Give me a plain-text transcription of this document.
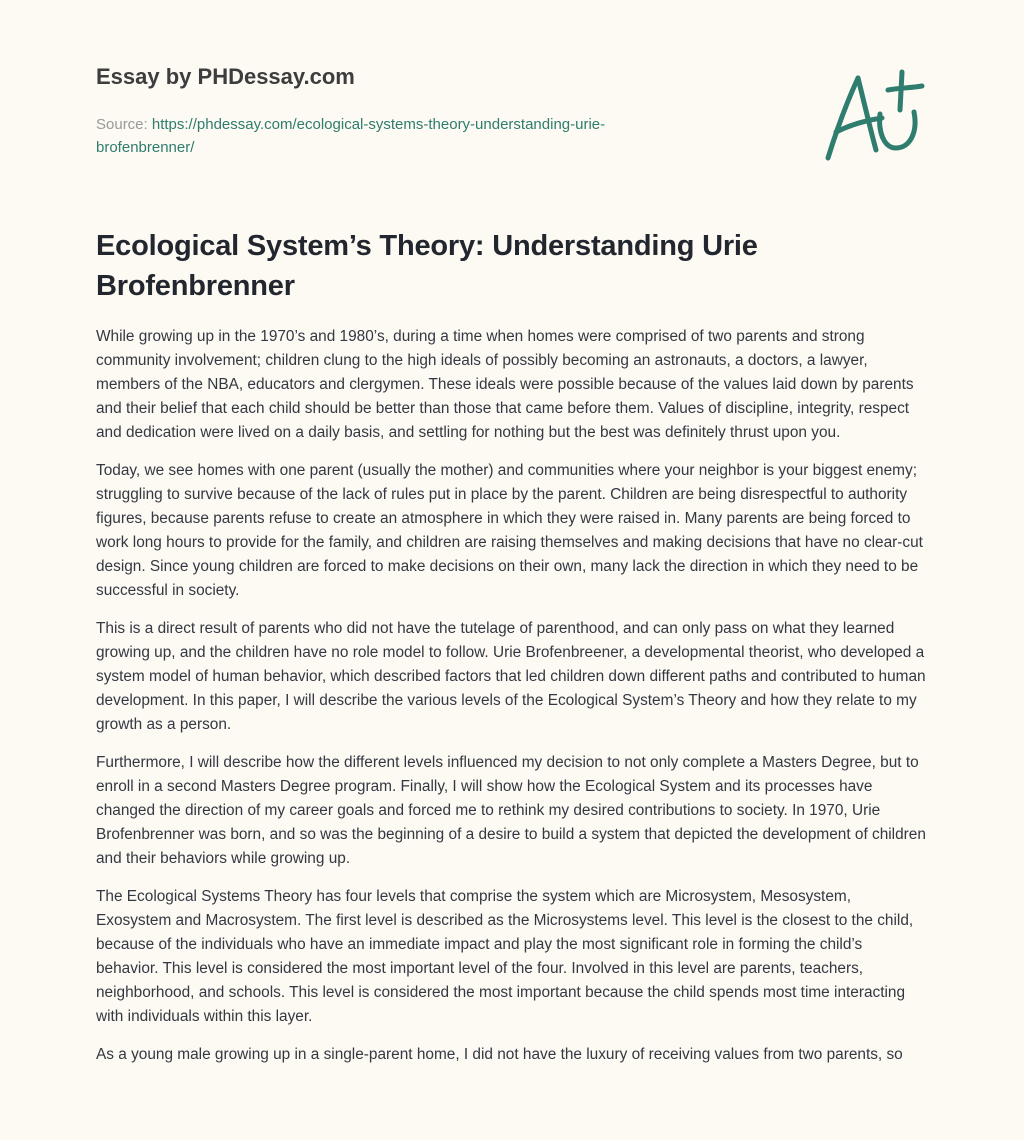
Essay by PHDessay.com
Source: https://phdessay.com/ecological-systems-theory-understanding-urie-brofenbrenner/
Ecological System’s Theory: Understanding Urie Brofenbrenner

While growing up in the 1970’s and 1980’s, during a time when homes were comprised of two parents and strong community involvement; children clung to the high ideals of possibly becoming an astronauts, a doctors, a lawyer, members of the NBA, educators and clergymen. These ideals were possible because of the values laid down by parents and their belief that each child should be better than those that came before them. Values of discipline, integrity, respect and dedication were lived on a daily basis, and settling for nothing but the best was definitely thrust upon you.

Today, we see homes with one parent (usually the mother) and communities where your neighbor is your biggest enemy; struggling to survive because of the lack of rules put in place by the parent. Children are being disrespectful to authority figures, because parents refuse to create an atmosphere in which they were raised in. Many parents are being forced to work long hours to provide for the family, and children are raising themselves and making decisions that have no clear-cut design. Since young children are forced to make decisions on their own, many lack the direction in which they need to be successful in society.

This is a direct result of parents who did not have the tutelage of parenthood, and can only pass on what they learned growing up, and the children have no role model to follow. Urie Brofenbreener, a developmental theorist, who developed a system model of human behavior, which described factors that led children down different paths and contributed to human development. In this paper, I will describe the various levels of the Ecological System’s Theory and how they relate to my growth as a person.

Furthermore, I will describe how the different levels influenced my decision to not only complete a Masters Degree, but to enroll in a second Masters Degree program. Finally, I will show how the Ecological System and its processes have changed the direction of my career goals and forced me to rethink my desired contributions to society. In 1970, Urie Brofenbrenner was born, and so was the beginning of a desire to build a system that depicted the development of children and their behaviors while growing up.

The Ecological Systems Theory has four levels that comprise the system which are Microsystem, Mesosystem, Exosystem and Macrosystem. The first level is described as the Microsystems level. This level is the closest to the child, because of the individuals who have an immediate impact and play the most significant role in forming the child’s behavior. This level is considered the most important level of the four. Involved in this level are parents, teachers, neighborhood, and schools. This level is considered the most important because the child spends most time interacting with individuals within this layer.

As a young male growing up in a single-parent home, I did not have the luxury of receiving values from two parents, so
